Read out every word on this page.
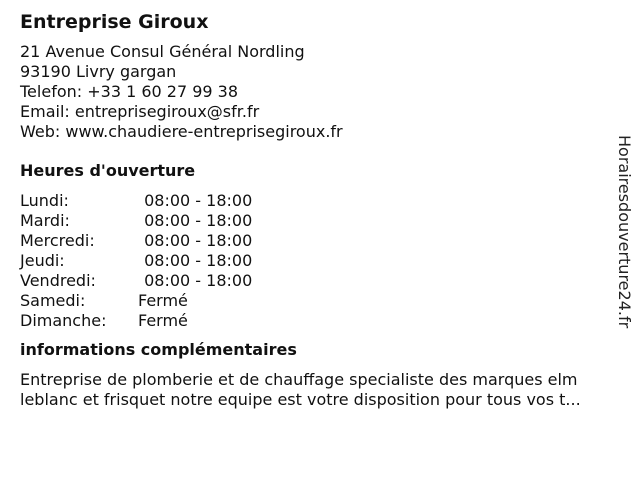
Entreprise Giroux
21 Avenue Consul Général Nordling
93190 Livry gargan
Telefon: +33 1 60 27 99 38
Email: entreprisegiroux@sfr.fr
Web: www.chaudiere-entreprisegiroux.fr
Heures d'ouverture
Lundi:	08:00 - 18:00
Mardi:	08:00 - 18:00
Mercredi:	08:00 - 18:00
Jeudi:	08:00 - 18:00
Vendredi:	08:00 - 18:00
Samedi:	Fermé
Dimanche:	Fermé
informations complémentaires
Entreprise de plomberie et de chauffage specialiste des marques elm
leblanc et frisquet notre equipe est votre disposition pour tous vos t...
Horairesdouverture24.fr
